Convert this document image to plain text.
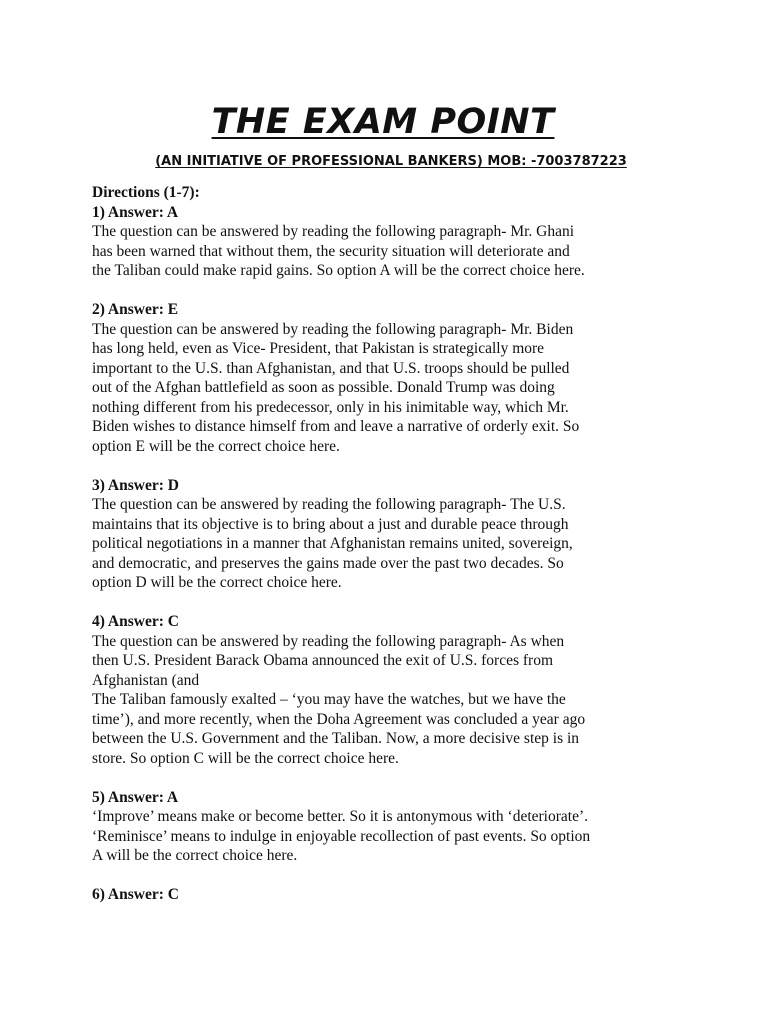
THE EXAM POINT
(AN INITIATIVE OF PROFESSIONAL BANKERS) MOB: -7003787223
Directions (1-7):
1) Answer: A
The question can be answered by reading the following paragraph- Mr. Ghani
has been warned that without them, the security situation will deteriorate and
the Taliban could make rapid gains. So option A will be the correct choice here.
2) Answer: E
The question can be answered by reading the following paragraph- Mr. Biden
has long held, even as Vice- President, that Pakistan is strategically more
important to the U.S. than Afghanistan, and that U.S. troops should be pulled
out of the Afghan battlefield as soon as possible. Donald Trump was doing
nothing different from his predecessor, only in his inimitable way, which Mr.
Biden wishes to distance himself from and leave a narrative of orderly exit. So
option E will be the correct choice here.
3) Answer: D
The question can be answered by reading the following paragraph- The U.S.
maintains that its objective is to bring about a just and durable peace through
political negotiations in a manner that Afghanistan remains united, sovereign,
and democratic, and preserves the gains made over the past two decades. So
option D will be the correct choice here.
4) Answer: C
The question can be answered by reading the following paragraph- As when
then U.S. President Barack Obama announced the exit of U.S. forces from
Afghanistan (and
The Taliban famously exalted – ‘you may have the watches, but we have the
time’), and more recently, when the Doha Agreement was concluded a year ago
between the U.S. Government and the Taliban. Now, a more decisive step is in
store. So option C will be the correct choice here.
5) Answer: A
‘Improve’ means make or become better. So it is antonymous with ‘deteriorate’.
‘Reminisce’ means to indulge in enjoyable recollection of past events. So option
A will be the correct choice here.
6) Answer: C
